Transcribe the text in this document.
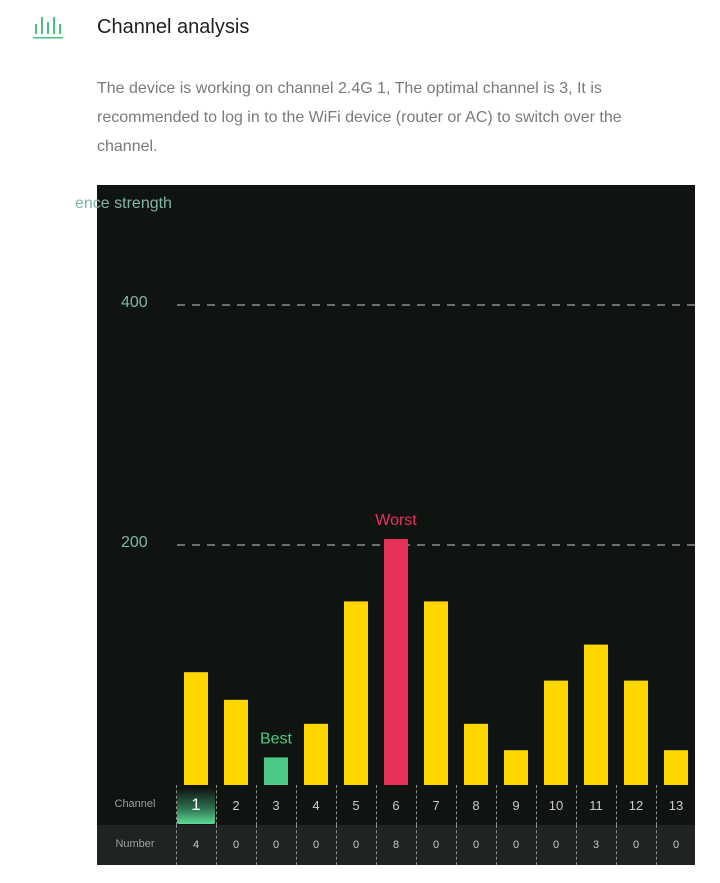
Channel analysis
The device is working on channel 2.4G 1, The optimal channel is 3, It is recommended to log in to the WiFi device (router or AC) to switch over the channel.
ence strength
400
200
Best
Worst
Channel
Number
1
4
2
0
3
0
4
0
5
0
6
8
7
0
8
0
9
0
10
0
11
3
12
0
13
0
